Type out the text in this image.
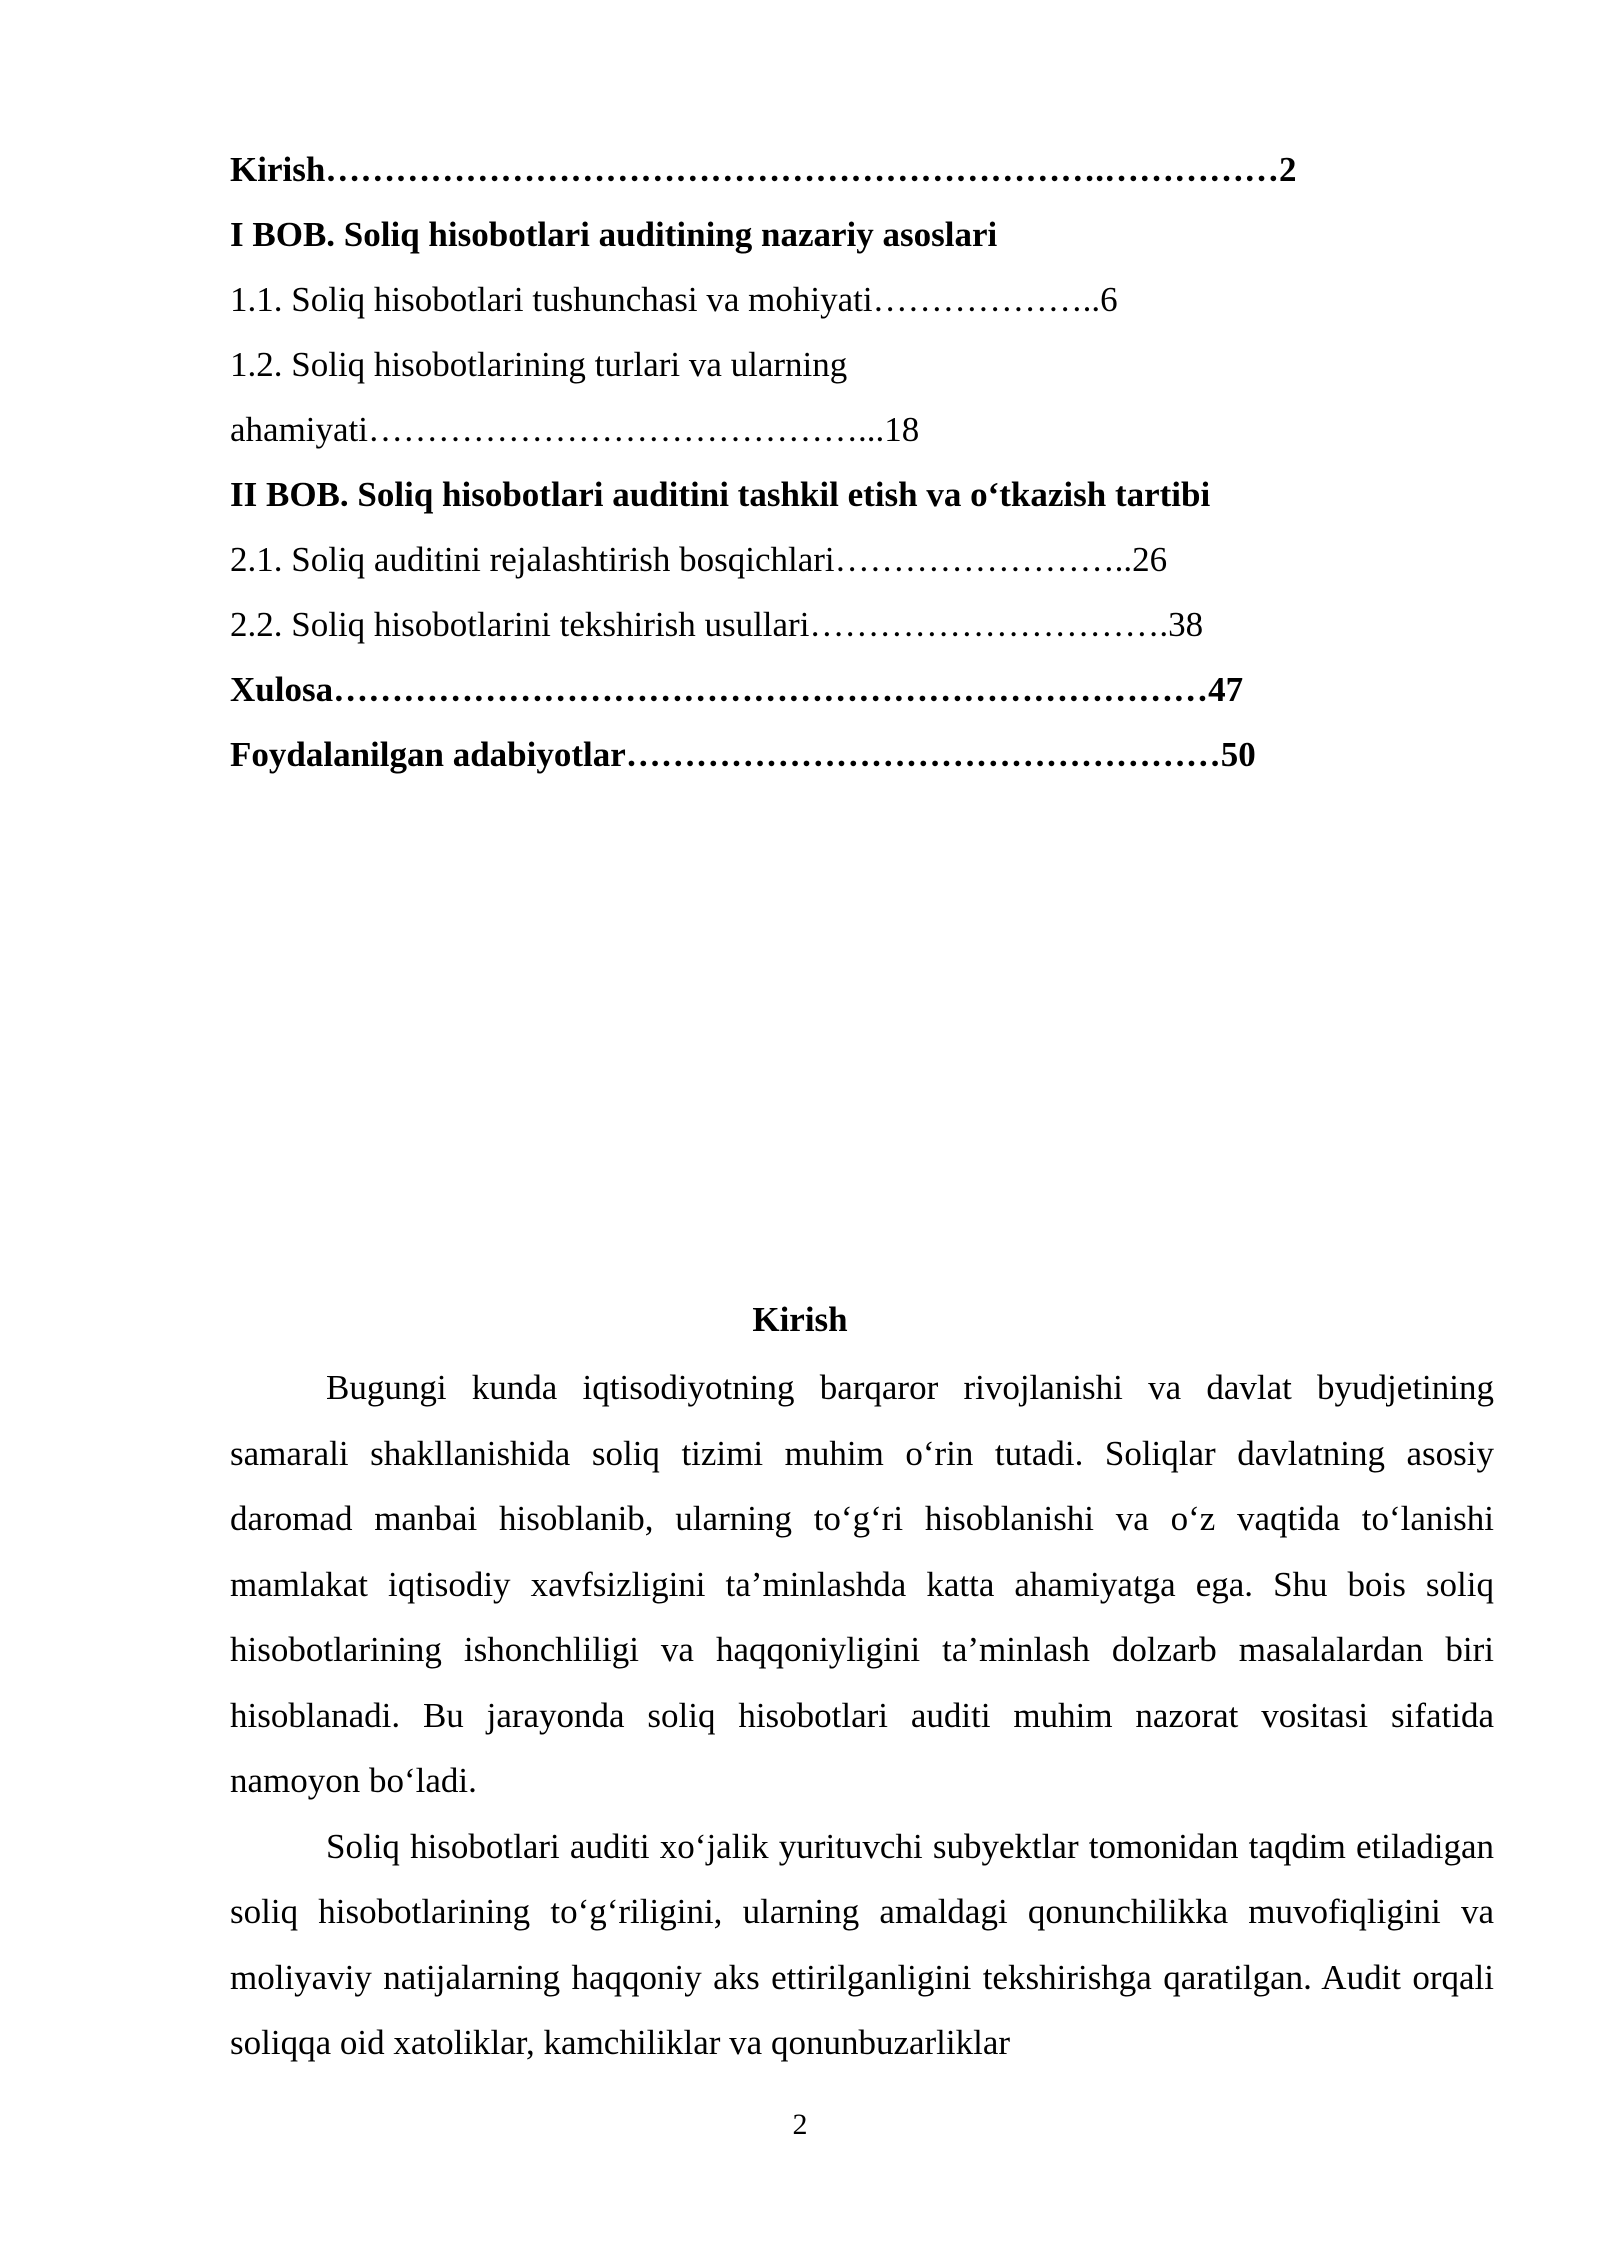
Kirish………………………………………………………….……………2
I BOB. Soliq hisobotlari auditining nazariy asoslari
1.1. Soliq hisobotlari tushunchasi va mohiyati………………..6
1.2. Soliq hisobotlarining turlari va ularning
ahamiyati……………………………………...18
II BOB. Soliq hisobotlari auditini tashkil etish va o‘tkazish tartibi
2.1. Soliq auditini rejalashtirish bosqichlari……………………..26
2.2. Soliq hisobotlarini tekshirish usullari………………………….38
Xulosa…………………………………………………………………47
Foydalanilgan adabiyotlar……………………………………………50
Kirish

Bugungi kunda iqtisodiyotning barqaror rivojlanishi va davlat byudjetining samarali shakllanishida soliq tizimi muhim o‘rin tutadi. Soliqlar davlatning asosiy daromad manbai hisoblanib, ularning to‘g‘ri hisoblanishi va o‘z vaqtida to‘lanishi mamlakat iqtisodiy xavfsizligini ta’minlashda katta ahamiyatga ega. Shu bois soliq hisobotlarining ishonchliligi va haqqoniyligini ta’minlash dolzarb masalalardan biri hisoblanadi. Bu jarayonda soliq hisobotlari auditi muhim nazorat vositasi sifatida namoyon bo‘ladi.

Soliq hisobotlari auditi xo‘jalik yurituvchi subyektlar tomonidan taqdim etiladigan soliq hisobotlarining to‘g‘riligini, ularning amaldagi qonunchilikka muvofiqligini va moliyaviy natijalarning haqqoniy aks ettirilganligini tekshirishga qaratilgan. Audit orqali soliqqa oid xatoliklar, kamchiliklar va qonunbuzarliklar

2
